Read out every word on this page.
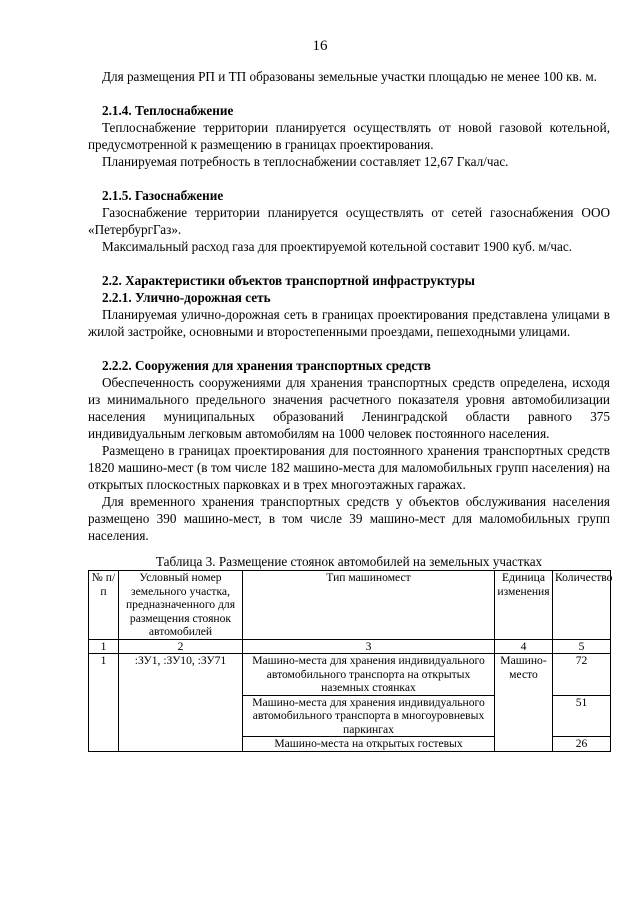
16

Для размещения РП и ТП образованы земельные участки площадью не менее 100 кв. м.

2.1.4. Теплоснабжение

Теплоснабжение территории планируется осуществлять от новой газовой котельной, предусмотренной к размещению в границах проектирования.

Планируемая потребность в теплоснабжении составляет 12,67 Гкал/час.

2.1.5. Газоснабжение

Газоснабжение территории планируется осуществлять от сетей газоснабжения ООО «ПетербургГаз».

Максимальный расход газа для проектируемой котельной составит 1900 куб. м/час.

2.2. Характеристики объектов транспортной инфраструктуры
2.2.1. Улично-дорожная сеть

Планируемая улично-дорожная сеть в границах проектирования представлена улицами в жилой застройке, основными и второстепенными проездами, пешеходными улицами.

2.2.2. Сооружения для хранения транспортных средств

Обеспеченность сооружениями для хранения транспортных средств определена, исходя из минимального предельного значения расчетного показателя уровня автомобилизации населения муниципальных образований Ленинградской области равного 375 индивидуальным легковым автомобилям на 1000 человек постоянного населения.

Размещено в границах проектирования для постоянного хранения транспортных средств 1820 машино-мест (в том числе 182 машино-места для маломобильных групп населения) на открытых плоскостных парковках и в трех многоэтажных гаражах.

Для временного хранения транспортных средств у объектов обслуживания населения размещено 390 машино-мест, в том числе 39 машино-мест для маломобильных групп населения.

Таблица 3. Размещение стоянок автомобилей на земельных участках
№ п/п	Условный номер земельного участка, предназначенного для размещения стоянок автомобилей	Тип машиномест	Единица изменения	Количество
1	2	3	4	5
1	:ЗУ1, :ЗУ10, :ЗУ71	Машино-места для хранения индивидуального автомобильного транспорта на открытых наземных стоянках	Машино-место	72
		Машино-места для хранения индивидуального автомобильного транспорта в многоуровневых паркингах		51
		Машино-места на открытых гостевых		26
